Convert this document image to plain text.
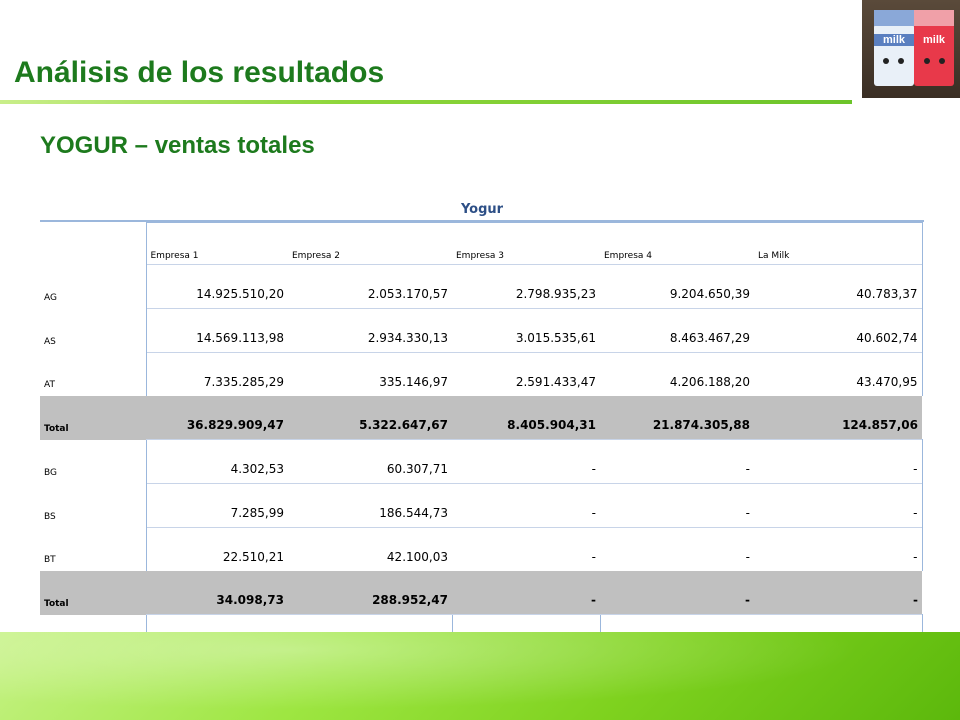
Análisis de los resultados
milk	milk
YOGUR – ventas totales
Yogur
	Empresa 1	Empresa 2	Empresa 3	Empresa 4	La Milk
AG	14.925.510,20	2.053.170,57	2.798.935,23	9.204.650,39	40.783,37
AS	14.569.113,98	2.934.330,13	3.015.535,61	8.463.467,29	40.602,74
AT	7.335.285,29	335.146,97	2.591.433,47	4.206.188,20	43.470,95
Total	36.829.909,47	5.322.647,67	8.405.904,31	21.874.305,88	124.857,06
BG	4.302,53	60.307,71	-	-	-
BS	7.285,99	186.544,73	-	-	-
BT	22.510,21	42.100,03	-	-	-
Total	34.098,73	288.952,47	-	-	-
